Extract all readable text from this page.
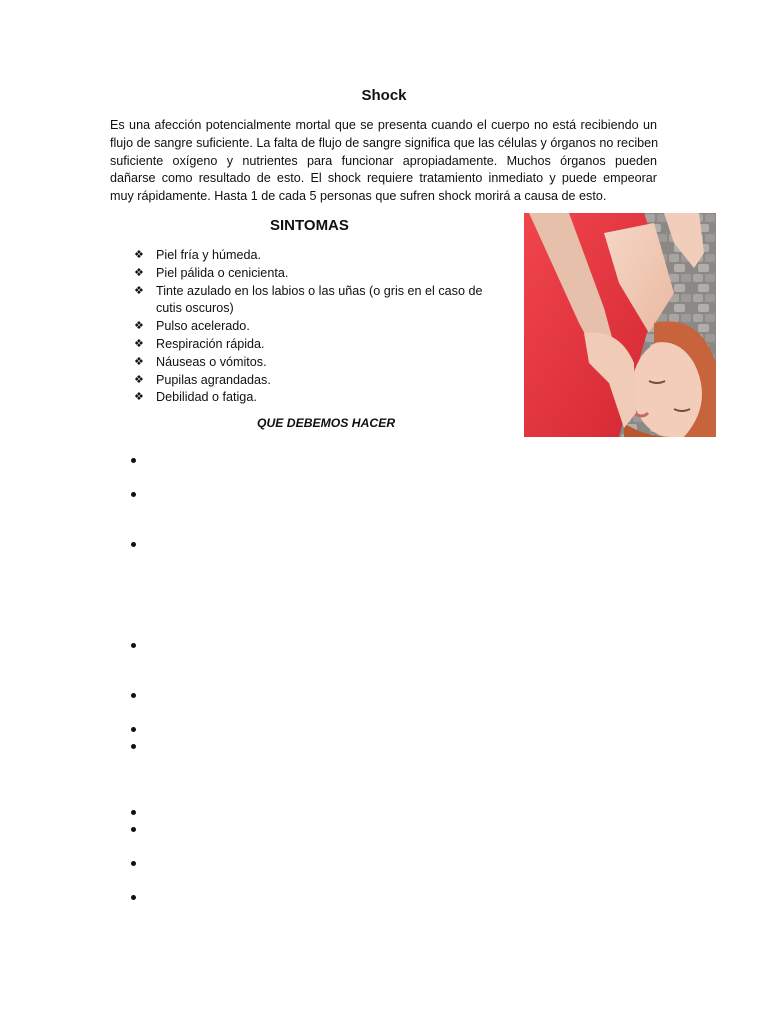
Shock

Es una afección potencialmente mortal que se presenta cuando el cuerpo no está recibiendo un
flujo de sangre suficiente. La falta de flujo de sangre significa que las células y órganos no reciben
suficiente oxígeno y nutrientes para funcionar apropiadamente. Muchos órganos pueden
dañarse como resultado de esto. El shock requiere tratamiento inmediato y puede empeorar
muy rápidamente. Hasta 1 de cada 5 personas que sufren shock morirá a causa de esto.

SINTOMAS
❖ Piel fría y húmeda.
❖ Piel pálida o cenicienta.
❖ Tinte azulado en los labios o las uñas (o gris en el caso de cutis oscuros)
❖ Pulso acelerado.
❖ Respiración rápida.
❖ Náuseas o vómitos.
❖ Pupilas agrandadas.
❖ Debilidad o fatiga.
QUE DEBEMOS HACER
